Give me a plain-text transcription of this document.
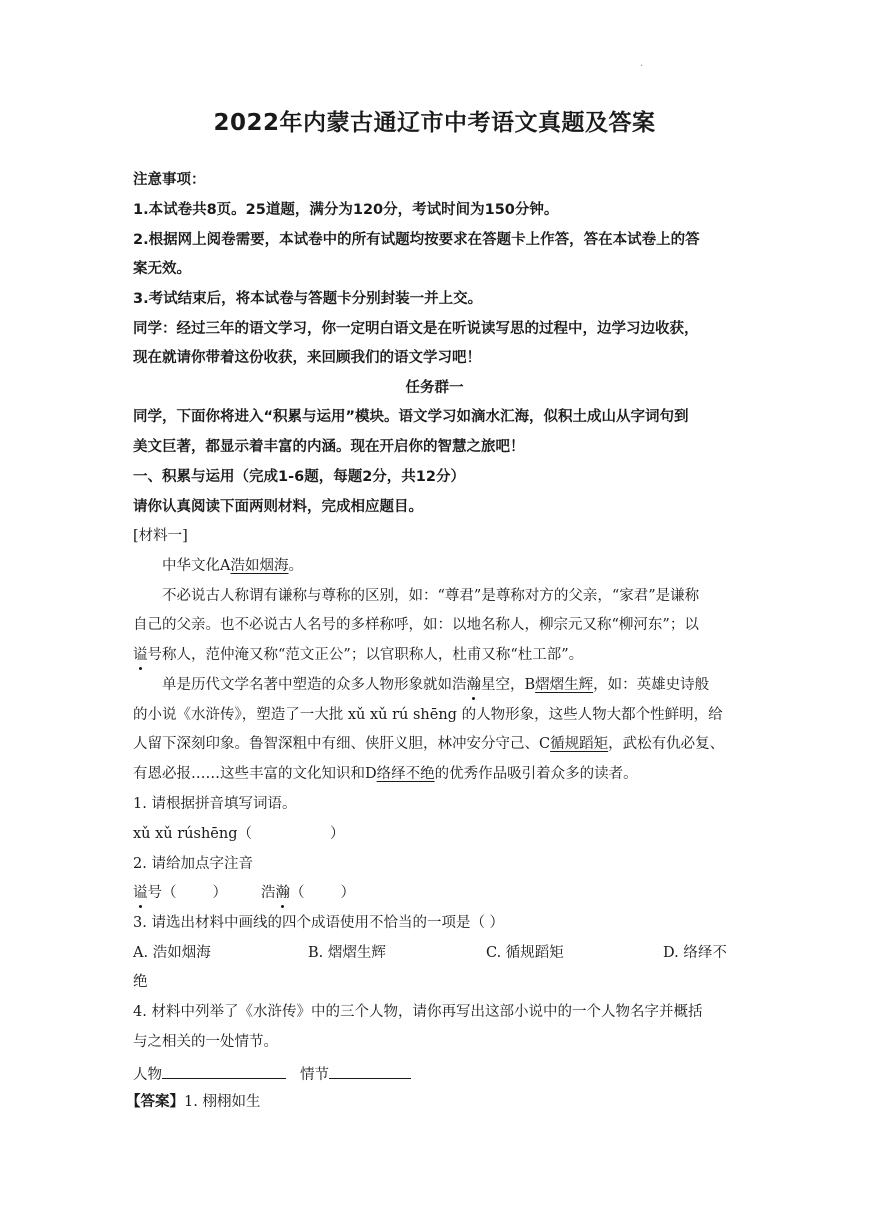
.
2022年内蒙古通辽市中考语文真题及答案
注意事项：
1.本试卷共8页。25道题，满分为120分，考试时间为150分钟。
2.根据网上阅卷需要，本试卷中的所有试题均按要求在答题卡上作答，答在本试卷上的答
案无效。
3.考试结束后，将本试卷与答题卡分别封装一并上交。
同学：经过三年的语文学习，你一定明白语文是在听说读写思的过程中，边学习边收获，
现在就请你带着这份收获，来回顾我们的语文学习吧！
任务群一
同学，下面你将进入“积累与运用”模块。语文学习如滴水汇海，似积土成山从字词句到
美文巨著，都显示着丰富的内涵。现在开启你的智慧之旅吧！
一、积累与运用（完成1-6题，每题2分，共12分）
请你认真阅读下面两则材料，完成相应题目。
[材料一]
中华文化A浩如烟海。
不必说古人称谓有谦称与尊称的区别，如：“尊君”是尊称对方的父亲，“家君”是谦称
自己的父亲。也不必说古人名号的多样称呼，如：以地名称人，柳宗元又称“柳河东”；以
谥号称人，范仲淹又称“范文正公”；以官职称人，杜甫又称“杜工部”。
单是历代文学名著中塑造的众多人物形象就如浩瀚星空，B熠熠生辉，如：英雄史诗般
的小说《水浒传》，塑造了一大批 xǔ xǔ rú shēng 的人物形象，这些人物大都个性鲜明，给
人留下深刻印象。鲁智深粗中有细、侠肝义胆，林冲安分守己、C循规蹈矩，武松有仇必复、
有恩必报……这些丰富的文化知识和D络绎不绝的优秀作品吸引着众多的读者。
1. 请根据拼音填写词语。
xǔ xǔ rúshēng（	）
2. 请给加点字注音
谥号（ ） 浩瀚（ ）
3. 请选出材料中画线的四个成语使用不恰当的一项是（ ）
A. 浩如烟海	B. 熠熠生辉	C. 循规蹈矩	D. 络绎不
绝
4. 材料中列举了《水浒传》中的三个人物，请你再写出这部小说中的一个人物名字并概括
与之相关的一处情节。
人物	情节
【答案】1. 栩栩如生
